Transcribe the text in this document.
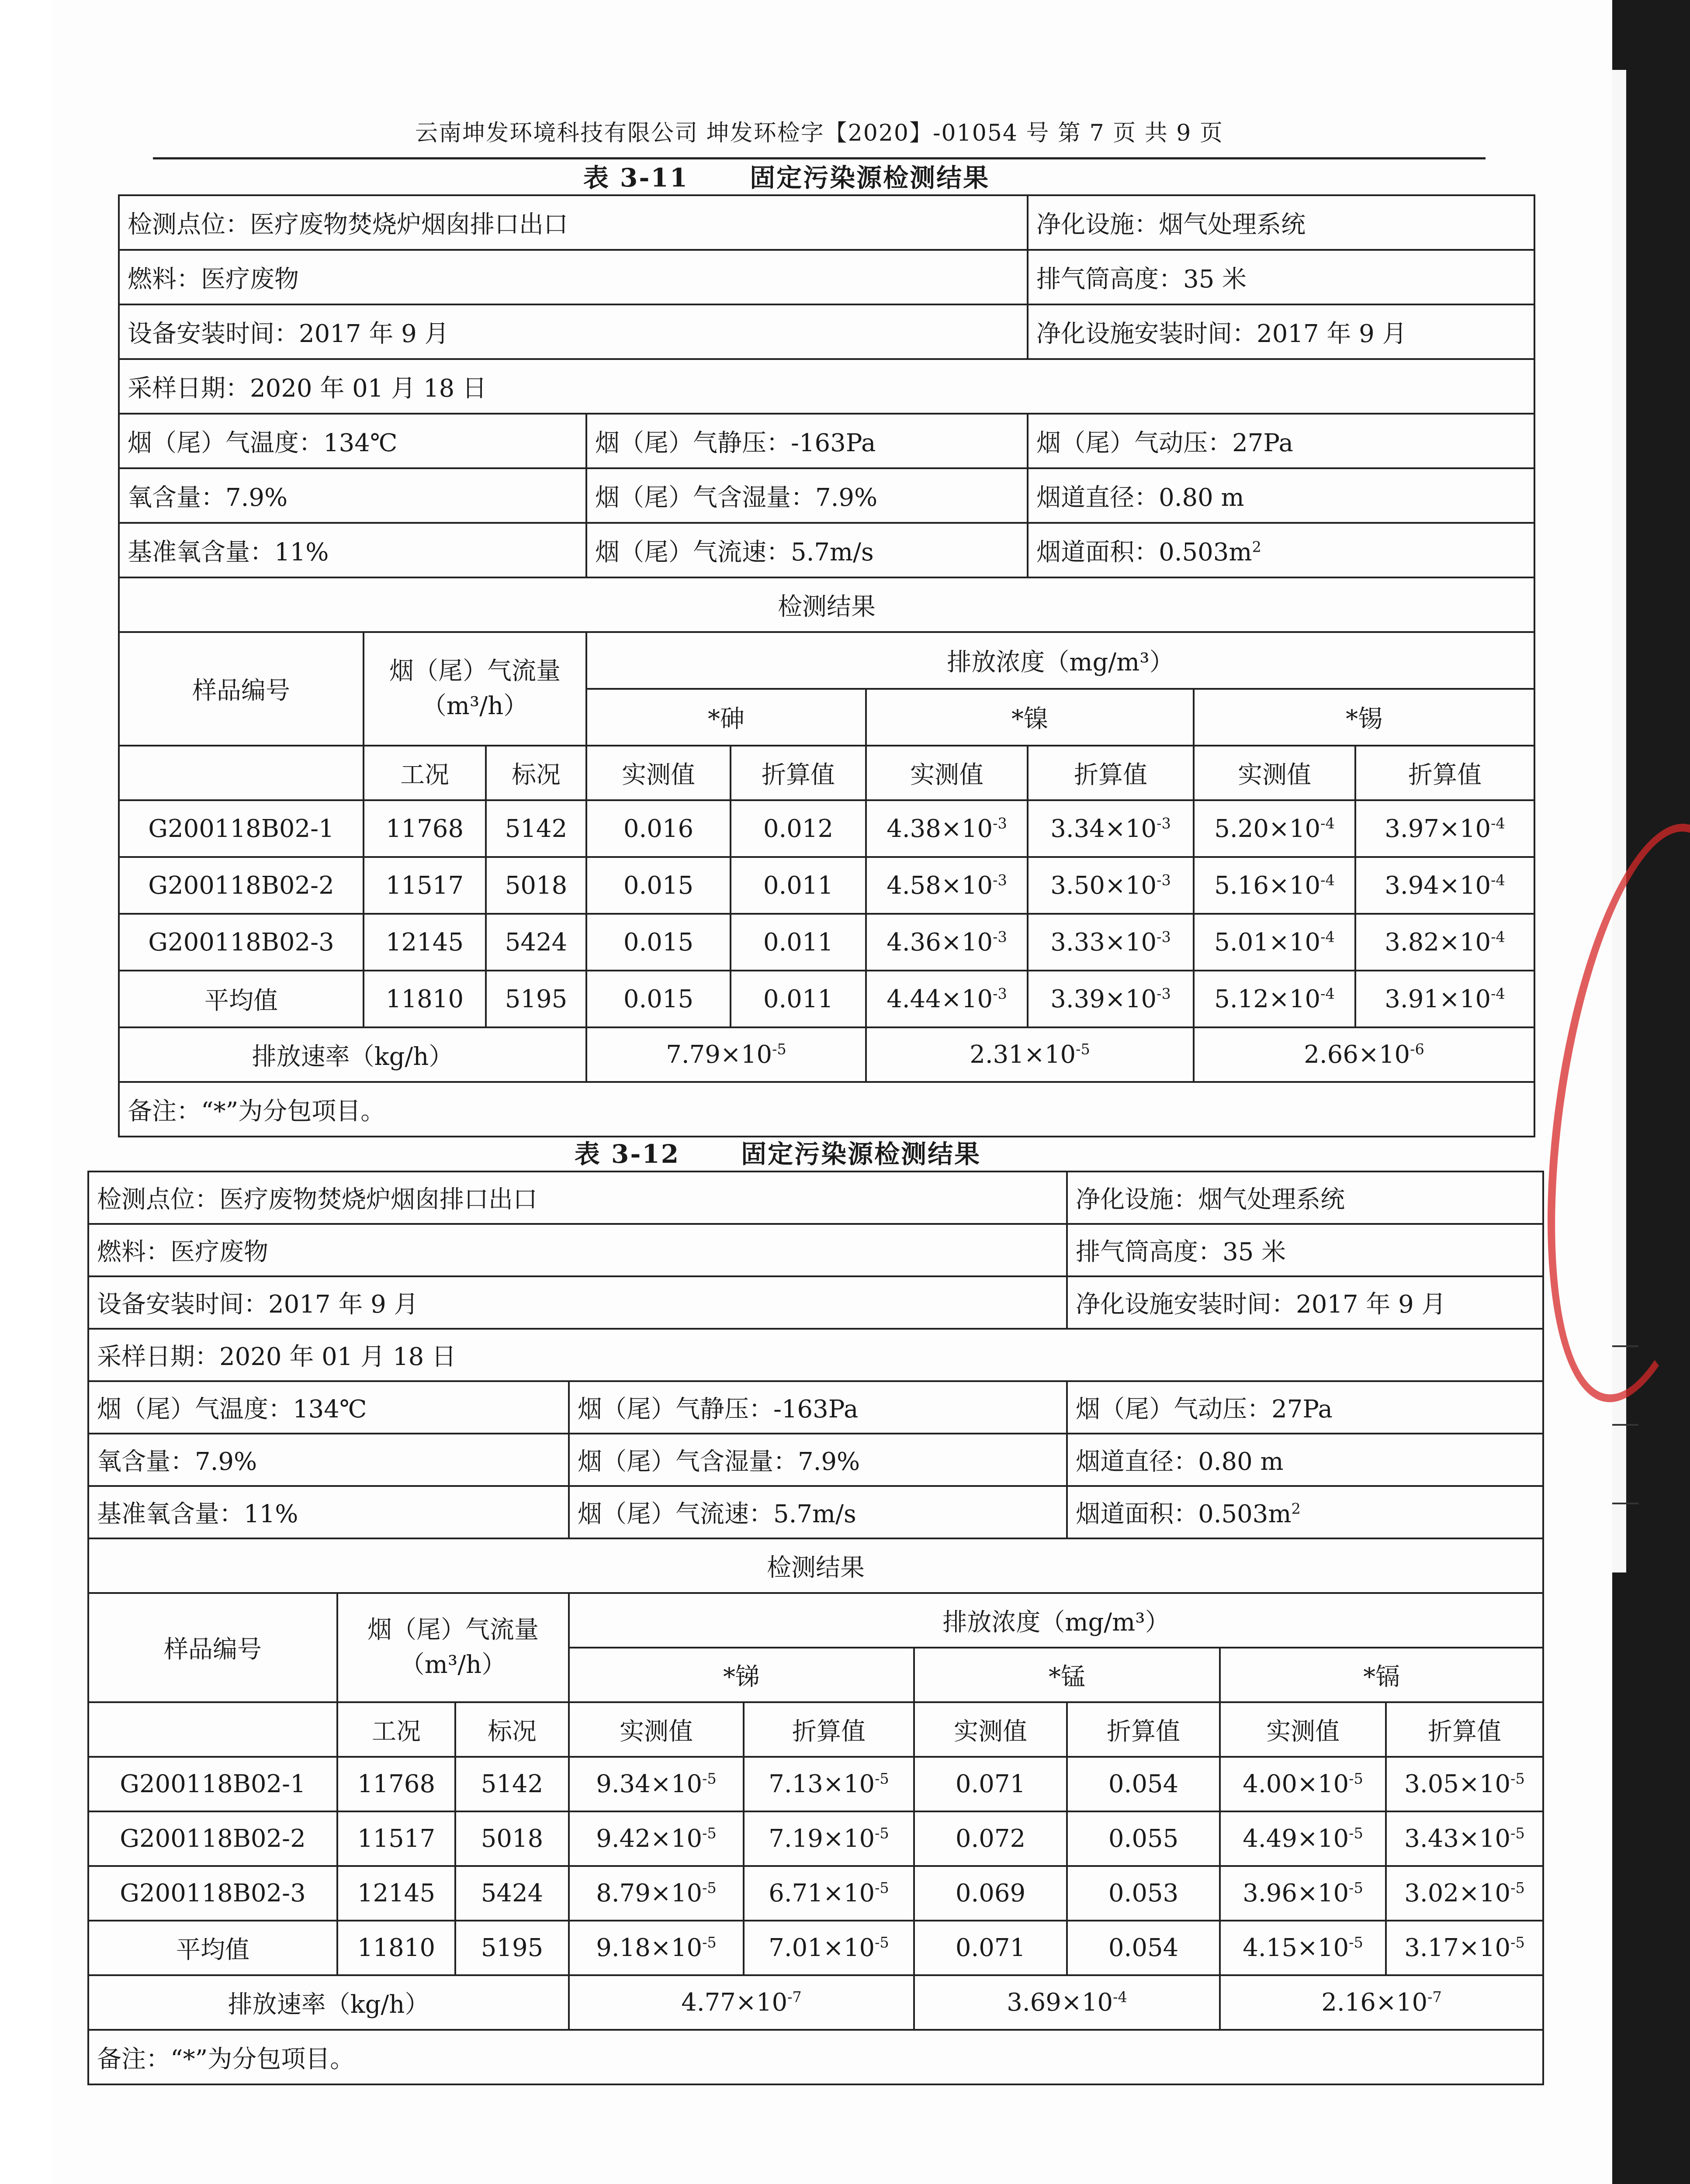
云南坤发环境科技有限公司 坤发环检字【2020】-01054 号 第 7 页 共 9 页
表 3-11 固定污染源检测结果
检测点位：医疗废物焚烧炉烟囱排口出口						净化设施：烟气处理系统		
燃料：医疗废物						排气筒高度：35 米		
设备安装时间：2017 年 9 月						净化设施安装时间：2017 年 9 月		
采样日期：2020 年 01 月 18 日								
烟（尾）气温度：134℃			烟（尾）气静压：-163Pa			烟（尾）气动压：27Pa		
氧含量：7.9%			烟（尾）气含湿量：7.9%			烟道直径：0.80 m		
基准氧含量：11%			烟（尾）气流速：5.7m/s			烟道面积：$0.503m^2$
检测结果								
样品编号	烟（尾）气流量（m³/h）		排放浓度（mg/m³）					
			*砷		*镍		*锡	
	工况	标况	实测值	折算值	实测值	折算值	实测值	折算值
G200118B02-1	11768	5142	0.016	0.012	$4.38\times 10^{-3}$	$3.34\times 10^{-3}$	$5.20\times 10^{-4}$	$3.97\times 10^{-4}$
G200118B02-2	11517	5018	0.015	0.011	$4.58\times 10^{-3}$	$3.50\times 10^{-3}$	$5.16\times 10^{-4}$	$3.94\times 10^{-4}$
G200118B02-3	12145	5424	0.015	0.011	$4.36\times 10^{-3}$	$3.33\times 10^{-3}$	$5.01\times 10^{-4}$	$3.82\times 10^{-4}$
平均值	11810	5195	0.015	0.011	$4.44\times 10^{-3}$	$3.39\times 10^{-3}$	$5.12\times 10^{-4}$	$3.91\times 10^{-4}$
排放速率（kg/h）			$7.79\times 10^{-5}$		$2.31\times 10^{-5}$		$2.66\times 10^{-6}$
备注：“*”为分包项目。								
表 3-12 固定污染源检测结果
检测点位：医疗废物焚烧炉烟囱排口出口						净化设施：烟气处理系统		
燃料：医疗废物						排气筒高度：35 米		
设备安装时间：2017 年 9 月						净化设施安装时间：2017 年 9 月		
采样日期：2020 年 01 月 18 日								
烟（尾）气温度：134℃			烟（尾）气静压：-163Pa			烟（尾）气动压：27Pa		
氧含量：7.9%			烟（尾）气含湿量：7.9%			烟道直径：0.80 m		
基准氧含量：11%			烟（尾）气流速：5.7m/s			烟道面积：$0.503m^2$
检测结果								
样品编号	烟（尾）气流量（m³/h）		排放浓度（mg/m³）					
			*锑		*锰		*镉	
	工况	标况	实测值	折算值	实测值	折算值	实测值	折算值
G200118B02-1	11768	5142	$9.34\times 10^{-5}$	$7.13\times 10^{-5}$	0.071	0.054	$4.00\times 10^{-5}$	$3.05\times 10^{-5}$
G200118B02-2	11517	5018	$9.42\times 10^{-5}$	$7.19\times 10^{-5}$	0.072	0.055	$4.49\times 10^{-5}$	$3.43\times 10^{-5}$
G200118B02-3	12145	5424	$8.79\times 10^{-5}$	$6.71\times 10^{-5}$	0.069	0.053	$3.96\times 10^{-5}$	$3.02\times 10^{-5}$
平均值	11810	5195	$9.18\times 10^{-5}$	$7.01\times 10^{-5}$	0.071	0.054	$4.15\times 10^{-5}$	$3.17\times 10^{-5}$
排放速率（kg/h）			$4.77\times 10^{-7}$		$3.69\times 10^{-4}$		$2.16\times 10^{-7}$
备注：“*”为分包项目。								
